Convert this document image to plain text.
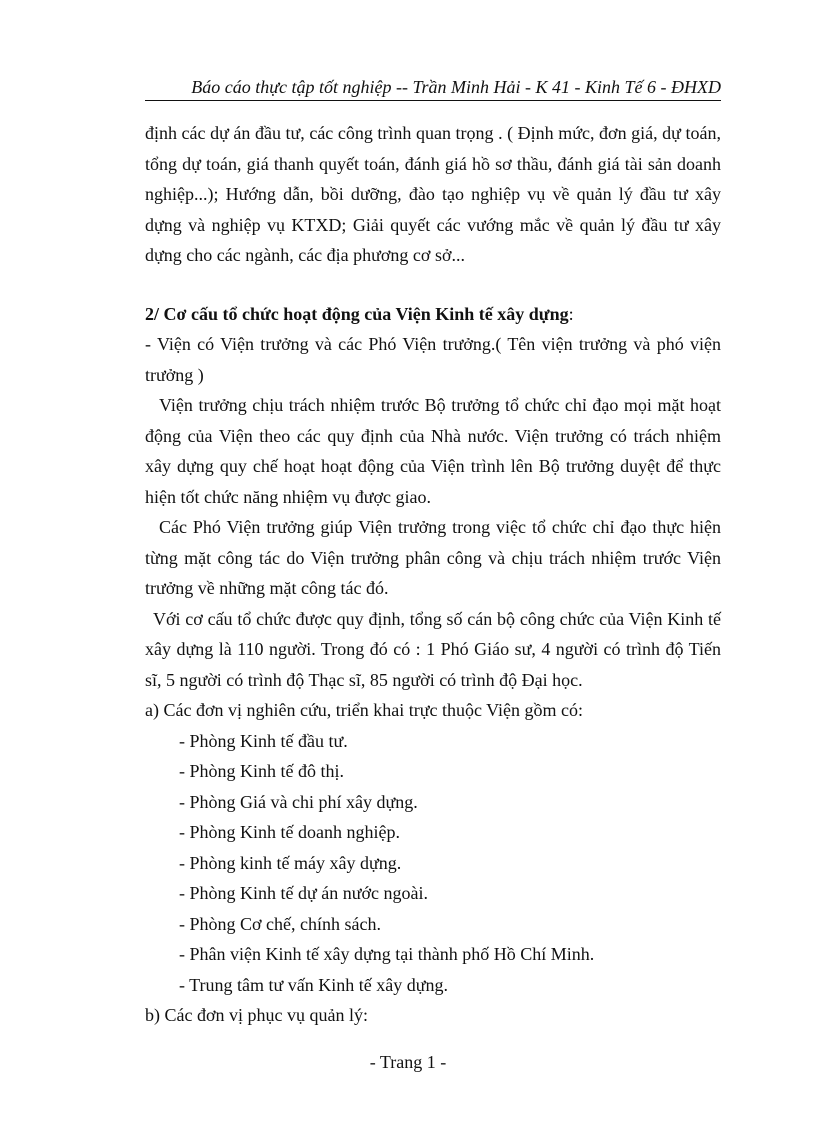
Báo cáo thực tập tốt nghiệp -- Trần Minh Hải - K 41 - Kinh Tế 6 - ĐHXD

định các dự án đầu tư, các công trình quan trọng . ( Định mức, đơn giá, dự toán, tổng dự toán, giá thanh quyết toán, đánh giá hồ sơ thầu, đánh giá tài sản doanh nghiệp...); Hướng dẫn, bồi dưỡng, đào tạo nghiệp vụ về quản lý đầu tư xây dựng và nghiệp vụ KTXD; Giải quyết các vướng mắc về quản lý đầu tư xây dựng cho các ngành, các địa phương cơ sở...

2/ Cơ cấu tổ chức hoạt động của Viện Kinh tế xây dựng:

- Viện có Viện trưởng và các Phó Viện trưởng.( Tên viện trưởng và phó viện trưởng )

Viện trưởng chịu trách nhiệm trước Bộ trưởng tổ chức chỉ đạo mọi mặt hoạt động của Viện theo các quy định của Nhà nước. Viện trưởng có trách nhiệm xây dựng quy chế hoạt hoạt động của Viện trình lên Bộ trưởng duyệt để thực hiện tốt chức năng nhiệm vụ được giao.

Các Phó Viện trưởng giúp Viện trưởng trong việc tổ chức chỉ đạo thực hiện từng mặt công tác do Viện trưởng phân công và chịu trách nhiệm trước Viện trưởng về những mặt công tác đó.

Với cơ cấu tổ chức được quy định, tổng số cán bộ công chức của Viện Kinh tế xây dựng là 110 người. Trong đó có : 1 Phó Giáo sư, 4 người có trình độ Tiến sĩ, 5 người có trình độ Thạc sĩ, 85 người có trình độ Đại học.

a) Các đơn vị nghiên cứu, triển khai trực thuộc Viện gồm có:

- Phòng Kinh tế đầu tư.
- Phòng Kinh tế đô thị.
- Phòng Giá và chi phí xây dựng.
- Phòng Kinh tế doanh nghiệp.
- Phòng kinh tế máy xây dựng.
- Phòng Kinh tế dự án nước ngoài.
- Phòng Cơ chế, chính sách.
- Phân viện Kinh tế xây dựng tại thành phố Hồ Chí Minh.
- Trung tâm tư vấn Kinh tế xây dựng.

b) Các đơn vị phục vụ quản lý:

- Trang 1 -
